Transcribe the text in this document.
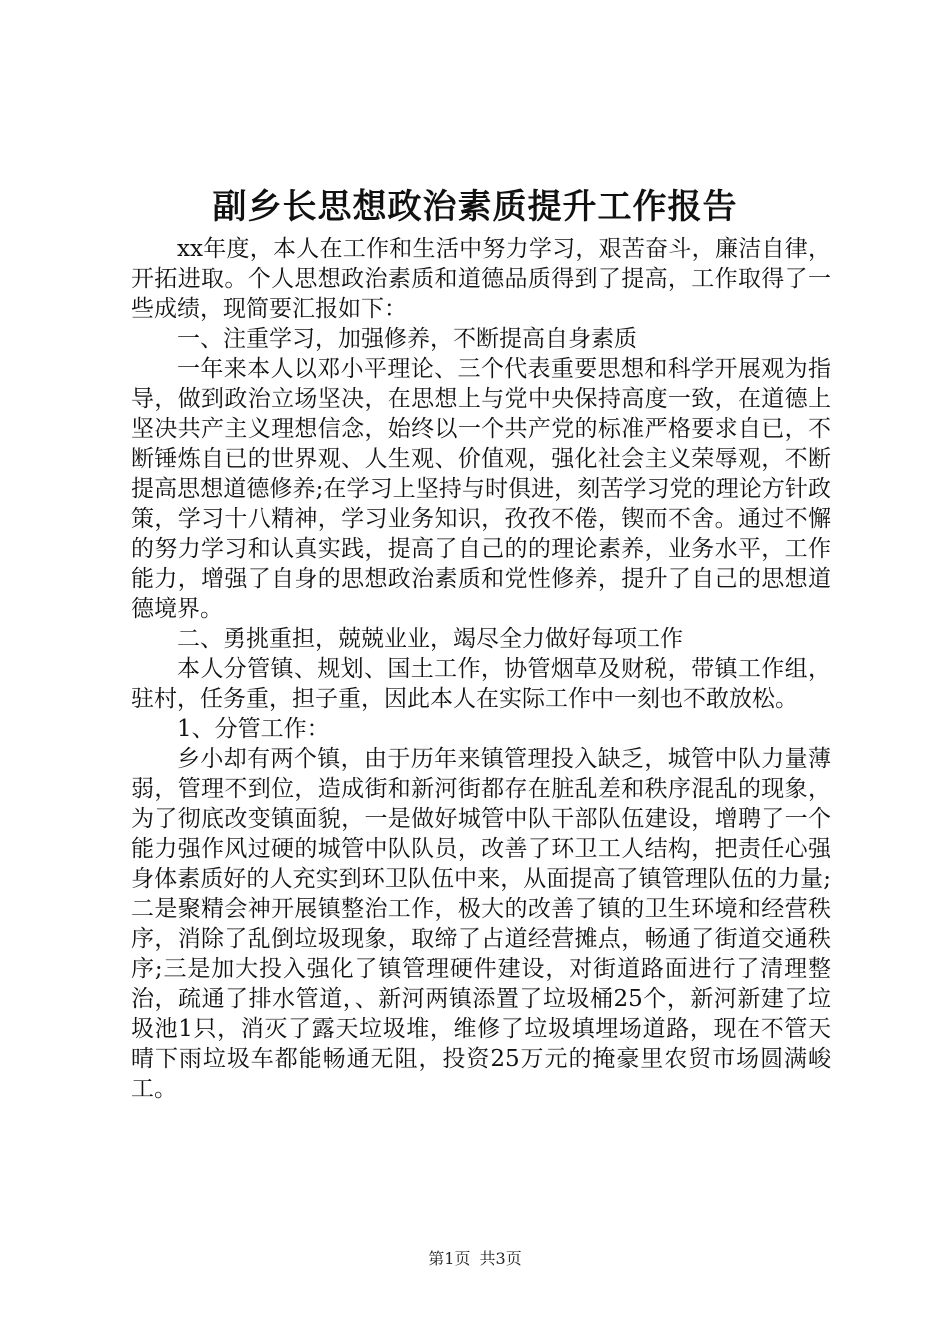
副乡长思想政治素质提升工作报告

xx年度，本人在工作和生活中努力学习，艰苦奋斗，廉洁自律，开拓进取。个人思想政治素质和道德品质得到了提高，工作取得了一些成绩，现简要汇报如下：

一、注重学习，加强修养，不断提高自身素质

一年来本人以邓小平理论、三个代表重要思想和科学开展观为指导，做到政治立场坚决，在思想上与党中央保持高度一致，在道德上坚决共产主义理想信念，始终以一个共产党的标准严格要求自已，不断锤炼自已的世界观、人生观、价值观，强化社会主义荣辱观，不断提高思想道德修养;在学习上坚持与时俱进，刻苦学习党的理论方针政策，学习十八精神，学习业务知识，孜孜不倦，锲而不舍。通过不懈的努力学习和认真实践，提高了自己的的理论素养，业务水平，工作能力，增强了自身的思想政治素质和党性修养，提升了自己的思想道德境界。

二、勇挑重担，兢兢业业，竭尽全力做好每项工作

本人分管镇、规划、国土工作，协管烟草及财税，带镇工作组，驻村，任务重，担子重，因此本人在实际工作中一刻也不敢放松。

1、分管工作：

乡小却有两个镇，由于历年来镇管理投入缺乏，城管中队力量薄弱，管理不到位，造成街和新河街都存在脏乱差和秩序混乱的现象，为了彻底改变镇面貌，一是做好城管中队干部队伍建设，增聘了一个能力强作风过硬的城管中队队员，改善了环卫工人结构，把责任心强身体素质好的人充实到环卫队伍中来，从面提高了镇管理队伍的力量;二是聚精会神开展镇整治工作，极大的改善了镇的卫生环境和经营秩序，消除了乱倒垃圾现象，取缔了占道经营摊点，畅通了街道交通秩序;三是加大投入强化了镇管理硬件建设，对街道路面进行了清理整治，疏通了排水管道，、新河两镇添置了垃圾桶25个，新河新建了垃圾池1只，消灭了露天垃圾堆，维修了垃圾填埋场道路，现在不管天晴下雨垃圾车都能畅通无阻，投资25万元的掩豪里农贸市场圆满峻工。

第1页 共3页
